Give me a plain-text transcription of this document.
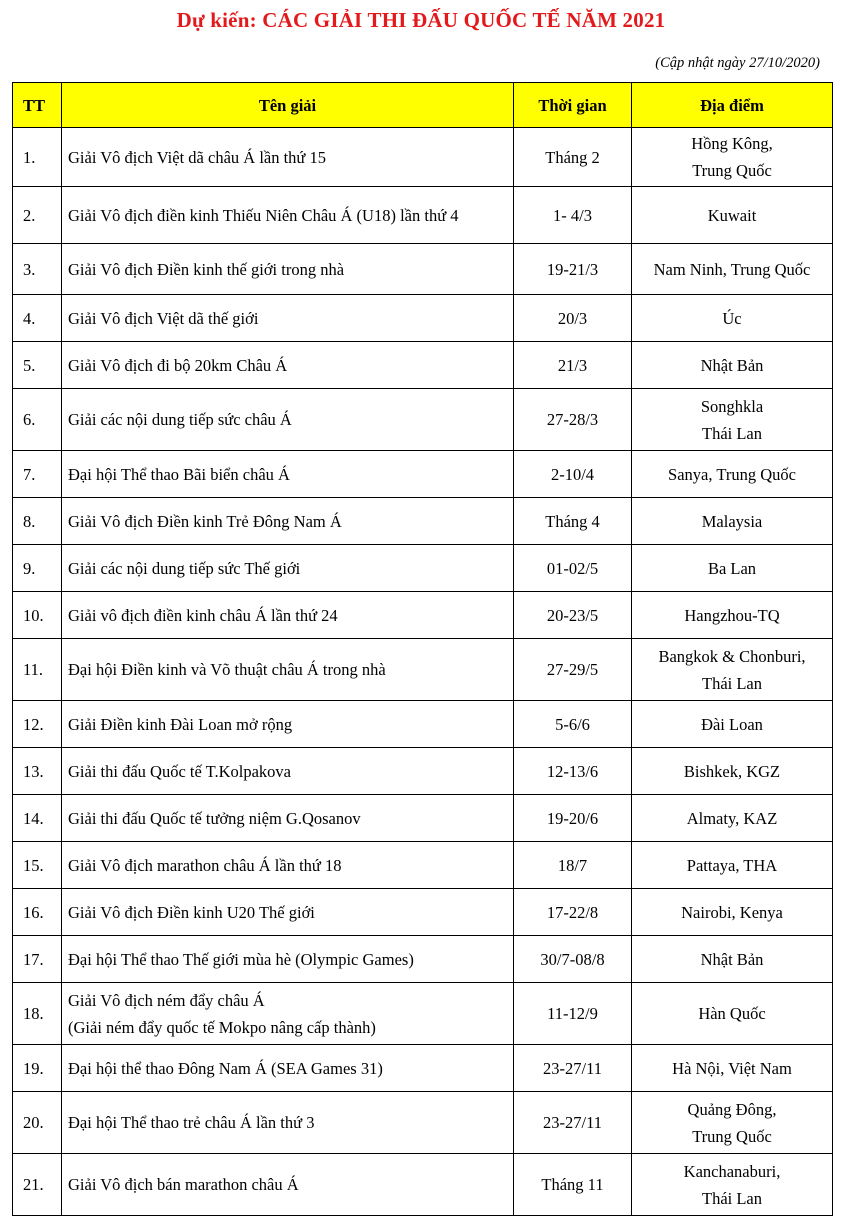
Dự kiến: CÁC GIẢI THI ĐẤU QUỐC TẾ NĂM 2021
(Cập nhật ngày 27/10/2020)
TT	Tên giải	Thời gian	Địa điểm
1.	Giải Vô địch Việt dã châu Á lần thứ 15	Tháng 2	Hồng Kông,
Trung Quốc

2.	Giải Vô địch điền kinh Thiếu Niên Châu Á (U18) lần thứ 4	1- 4/3	Kuwait

3.	Giải Vô địch Điền kinh thế giới trong nhà	19-21/3	Nam Ninh, Trung Quốc

4.	Giải Vô địch Việt dã thế giới	20/3	Úc

5.	Giải Vô địch đi bộ 20km Châu Á	21/3	Nhật Bản

6.	Giải các nội dung tiếp sức châu Á	27-28/3	Songhkla
Thái Lan

7.	Đại hội Thể thao Bãi biển châu Á	2-10/4	Sanya, Trung Quốc

8.	Giải Vô địch Điền kinh Trẻ Đông Nam Á	Tháng 4	Malaysia

9.	Giải các nội dung tiếp sức Thế giới	01-02/5	Ba Lan

10.	Giải vô địch điền kinh châu Á lần thứ 24	20-23/5	Hangzhou-TQ

11.	Đại hội Điền kinh và Võ thuật châu Á trong nhà	27-29/5	Bangkok & Chonburi,
Thái Lan

12.	Giải Điền kinh Đài Loan mở rộng	5-6/6	Đài Loan

13.	Giải thi đấu Quốc tế T.Kolpakova	12-13/6	Bishkek, KGZ

14.	Giải thi đấu Quốc tế tưởng niệm G.Qosanov	19-20/6	Almaty, KAZ

15.	Giải Vô địch marathon châu Á lần thứ 18	18/7	Pattaya, THA

16.	Giải Vô địch Điền kinh U20 Thế giới	17-22/8	Nairobi, Kenya

17.	Đại hội Thể thao Thế giới mùa hè (Olympic Games)	30/7-08/8	Nhật Bản

18.	Giải Vô địch ném đẩy châu Á
(Giải ném đẩy quốc tế Mokpo nâng cấp thành)	11-12/9	Hàn Quốc

19.	Đại hội thể thao Đông Nam Á (SEA Games 31)	23-27/11	Hà Nội, Việt Nam

20.	Đại hội Thể thao trẻ châu Á lần thứ 3	23-27/11	Quảng Đông,
Trung Quốc

21.	Giải Vô địch bán marathon châu Á	Tháng 11	Kanchanaburi,
Thái Lan
